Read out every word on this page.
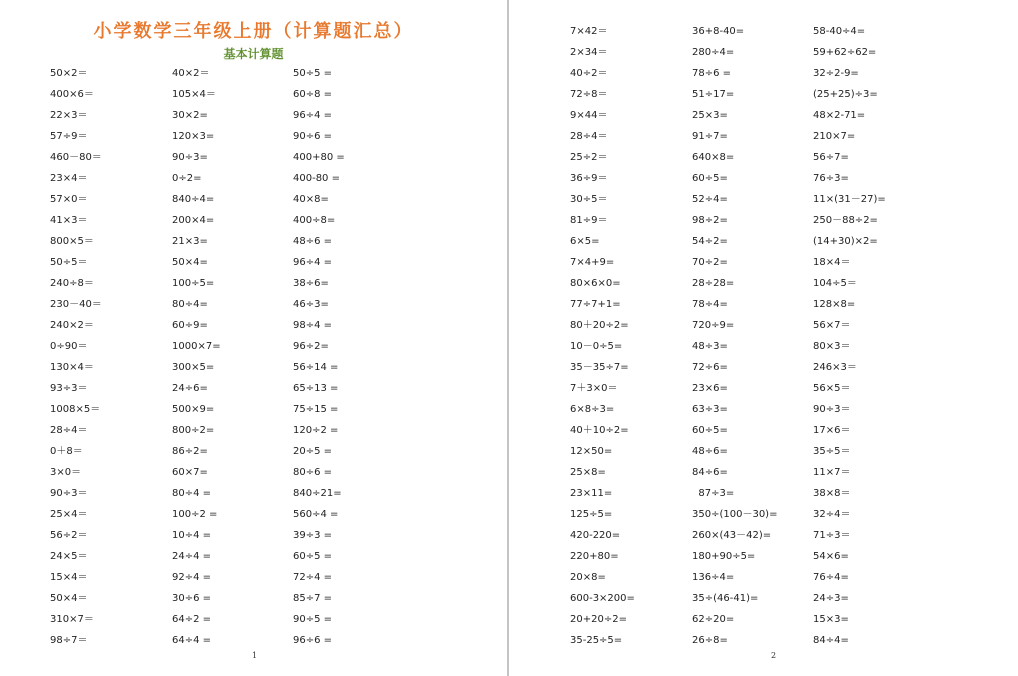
小学数学三年级上册（计算题汇总）
基本计算题
50×2＝	40×2＝	50÷5 =
400×6＝	105×4＝	60÷8 =
22×3＝	30×2=	96÷4 =
57÷9＝	120×3=	90÷6 =
460－80＝	90÷3=	400+80 =
23×4＝	0÷2=	400-80 =
57×0＝	840÷4=	40×8=
41×3＝	200×4=	400÷8=
800×5＝	21×3=	48÷6 =
50÷5＝	50×4=	96÷4 =
240÷8＝	100÷5=	38÷6=
230－40＝	80÷4=	46÷3=
240×2＝	60÷9=	98÷4 =
0÷90＝	1000×7=	96÷2=
130×4＝	300×5=	56÷14 =
93÷3＝	24÷6=	65÷13 =
1008×5＝	500×9=	75÷15 =
28÷4＝	800÷2=	120÷2 =
0＋8＝	86÷2=	20÷5 =
3×0＝	60×7=	80÷6 =
90÷3＝	80÷4 =	840÷21=
25×4＝	100÷2 =	560÷4 =
56÷2＝	10÷4 =	39÷3 =
24×5＝	24÷4 =	60÷5 =
15×4＝	92÷4 =	72÷4 =
50×4＝	30÷6 =	85÷7 =
310×7＝	64÷2 =	90÷5 =
98÷7＝	64÷4 =	96÷6 =
1
7×42＝	36+8-40=	58-40÷4=
2×34＝	280÷4=	59+62÷62=
40÷2＝	78÷6 =	32÷2-9=
72÷8＝	51÷17=	(25+25)÷3=
9×44＝	25×3=	48×2-71=
28÷4＝	91÷7=	210×7=
25÷2＝	640×8=	56÷7=
36÷9＝	60÷5=	76÷3=
30÷5＝	52÷4=	11×(31－27)=
81÷9＝	98÷2=	250－88÷2=
6×5=	54÷2=	(14+30)×2=
7×4+9=	70÷2=	18×4＝
80×6×0=	28÷28=	104÷5＝
77÷7+1=	78÷4=	128×8=
80＋20÷2=	720÷9=	56×7＝
10－0÷5=	48÷3=	80×3＝
35－35÷7=	72÷6=	246×3＝
7＋3×0＝	23×6=	56×5＝
6×8÷3=	63÷3=	90÷3＝
40＋10÷2=	60÷5=	17×6＝
12×50=	48÷6=	35÷5＝
25×8=	84÷6=	11×7＝
23×11=	87÷3=	38×8＝
125÷5=	350÷(100－30)=	32÷4＝
420-220=	260×(43－42)=	71÷3＝
220+80=	180+90÷5=	54×6=
20×8=	136÷4=	76÷4=
600-3×200=	35÷(46-41)=	24÷3=
20+20÷2=	62÷20=	15×3=
35-25÷5=	26÷8=	84÷4=
2
